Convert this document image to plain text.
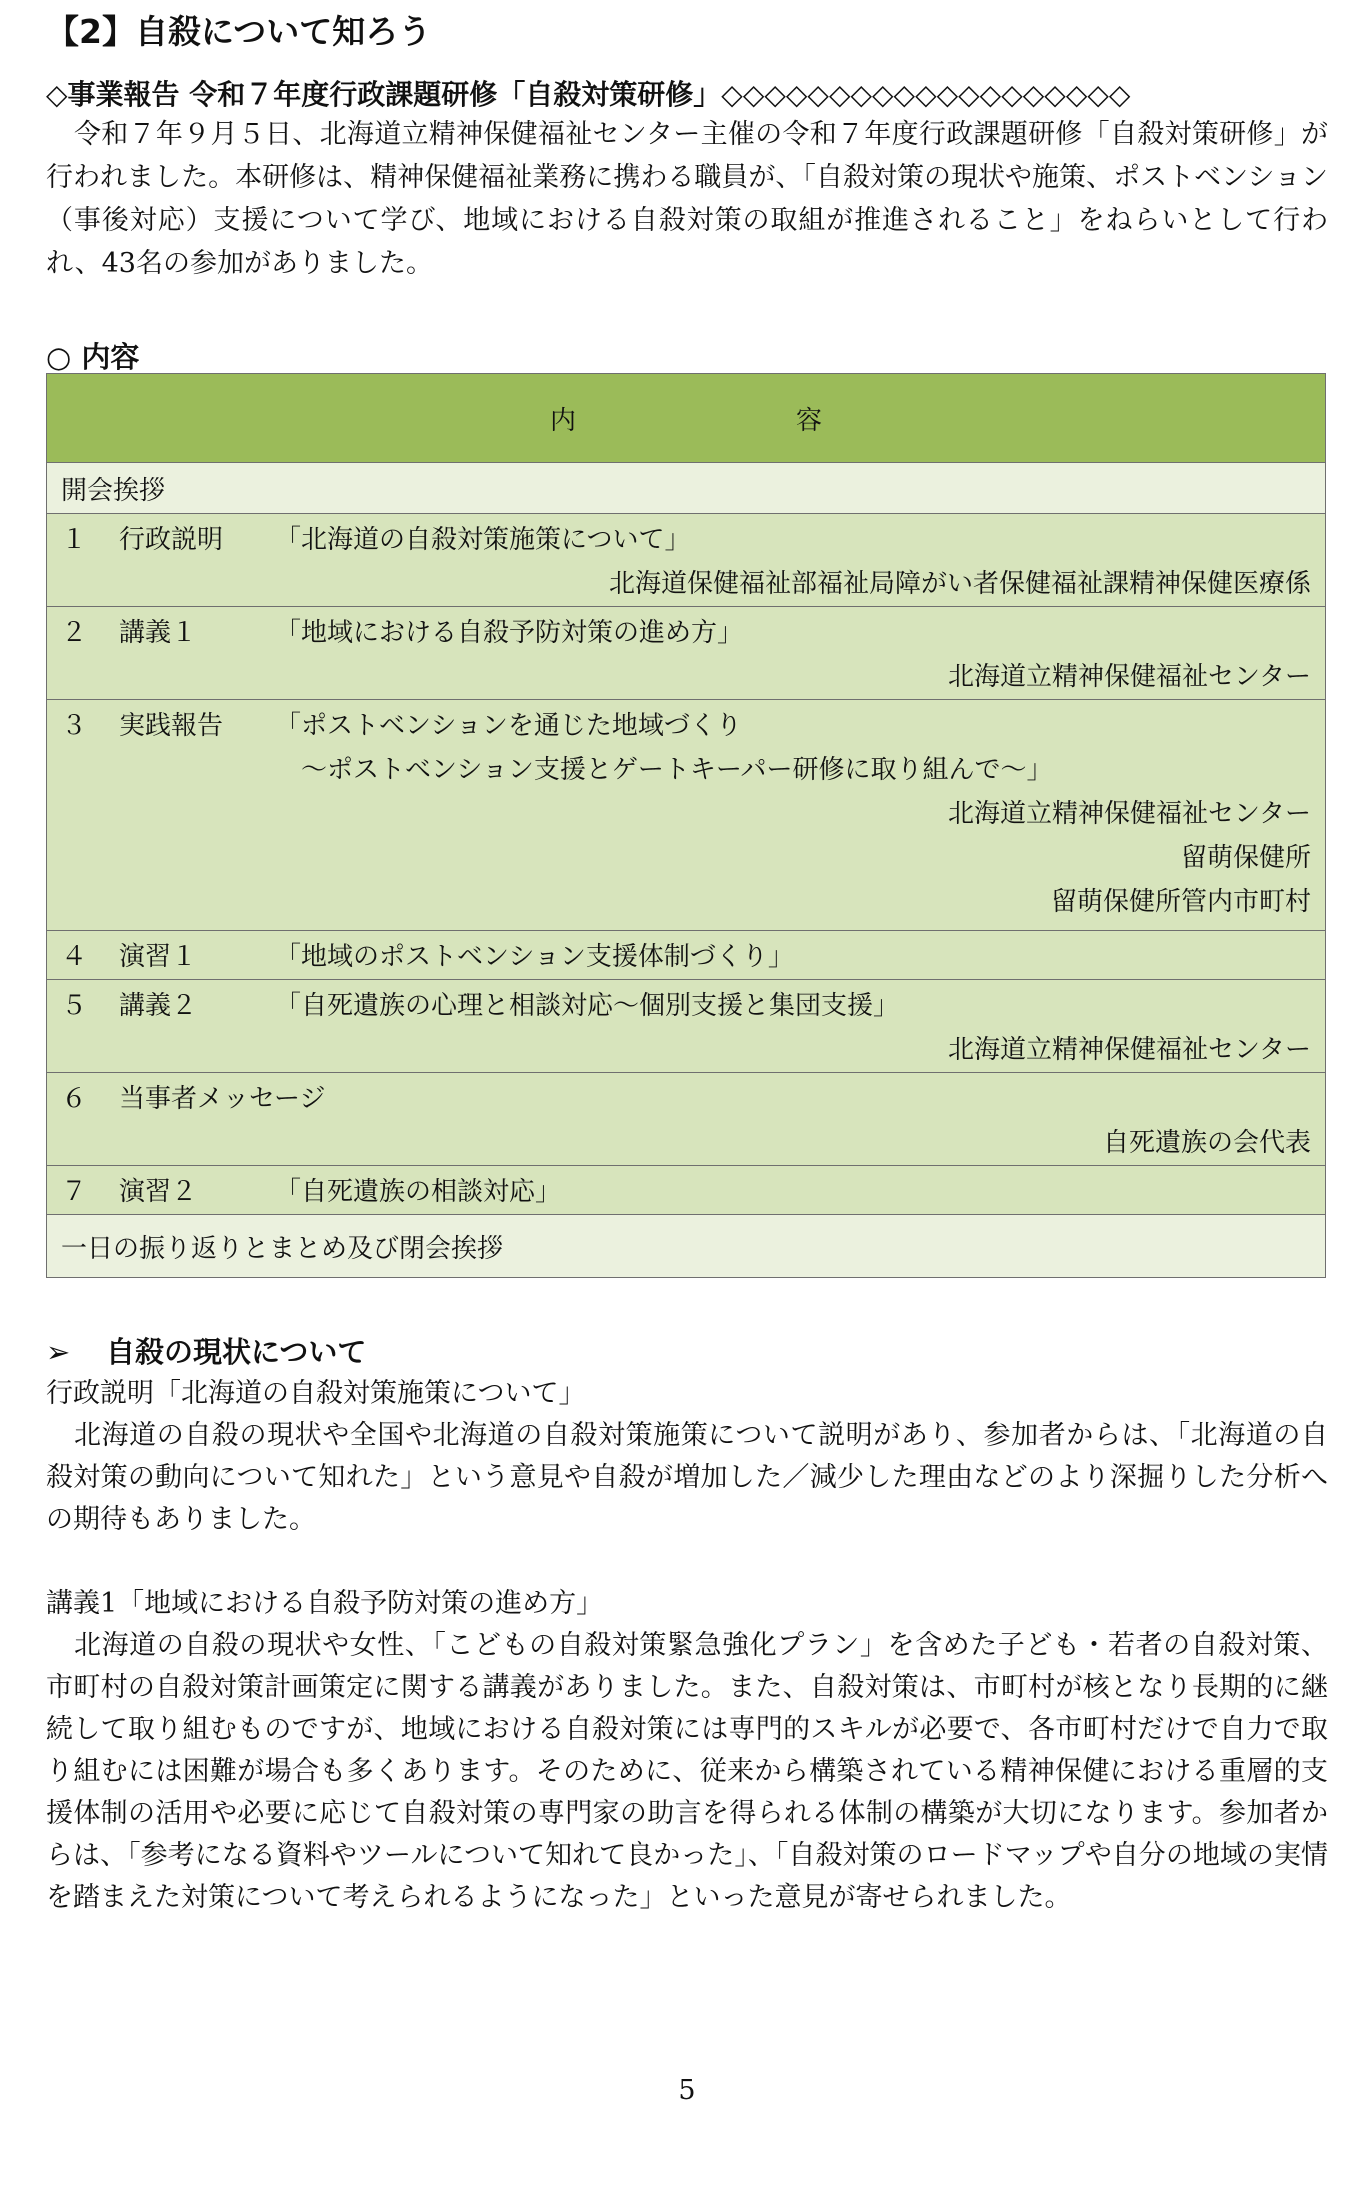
【2】自殺について知ろう
◇事業報告 令和７年度行政課題研修「自殺対策研修」◇◇◇◇◇◇◇◇◇◇◇◇◇◇◇◇◇◇◇

令和７年９月５日、北海道立精神保健福祉センター主催の令和７年度行政課題研修「自殺対策研修」が行われました。本研修は、精神保健福祉業務に携わる職員が、「自殺対策の現状や施策、ポストベンション（事後対応）支援について学び、地域における自殺対策の取組が推進されること」をねらいとして行われ、43名の参加がありました。

○ 内容
内容
開会挨拶

１ 行政説明 「北海道の自殺対策施策について」
北海道保健福祉部福祉局障がい者保健福祉課精神保健医療係

２ 講義１	「地域における自殺予防対策の進め方」
北海道立精神保健福祉センター

３ 実践報告 「ポストベンションを通じた地域づくり
～ポストベンション支援とゲートキーパー研修に取り組んで～」
北海道立精神保健福祉センター
留萌保健所
留萌保健所管内市町村

４ 演習１	「地域のポストベンション支援体制づくり」

５ 講義２	「自死遺族の心理と相談対応～個別支援と集団支援」
北海道立精神保健福祉センター

６ 当事者メッセージ
自死遺族の会代表

７ 演習２	「自死遺族の相談対応」

一日の振り返りとまとめ及び閉会挨拶
➢ 自殺の現状について

行政説明「北海道の自殺対策施策について」

北海道の自殺の現状や全国や北海道の自殺対策施策について説明があり、参加者からは、「北海道の自殺対策の動向について知れた」という意見や自殺が増加した／減少した理由などのより深掘りした分析への期待もありました。

講義1「地域における自殺予防対策の進め方」

北海道の自殺の現状や女性、「こどもの自殺対策緊急強化プラン」を含めた子ども・若者の自殺対策、市町村の自殺対策計画策定に関する講義がありました。また、自殺対策は、市町村が核となり長期的に継続して取り組むものですが、地域における自殺対策には専門的スキルが必要で、各市町村だけで自力で取り組むには困難が場合も多くあります。そのために、従来から構築されている精神保健における重層的支援体制の活用や必要に応じて自殺対策の専門家の助言を得られる体制の構築が大切になります。参加者からは、「参考になる資料やツールについて知れて良かった」、「自殺対策のロードマップや自分の地域の実情を踏まえた対策について考えられるようになった」といった意見が寄せられました。

5
